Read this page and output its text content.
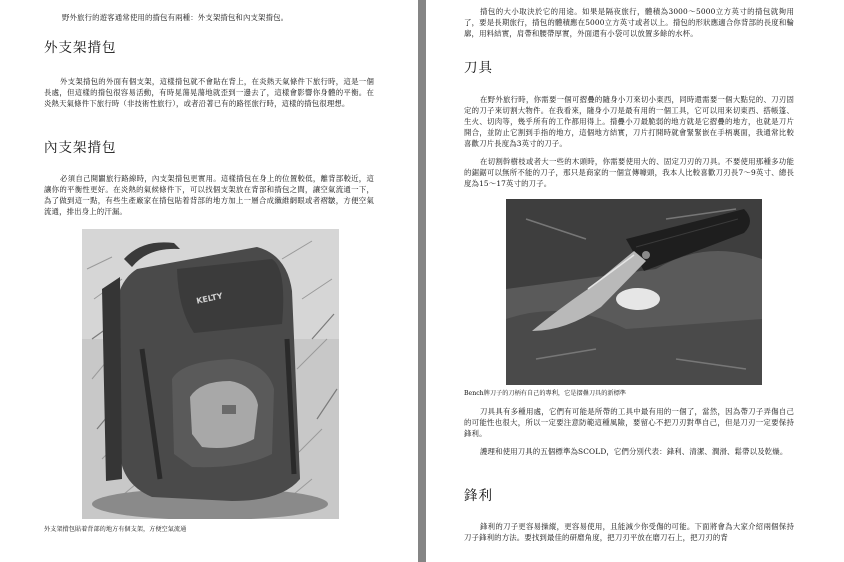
野外旅行的遊客通常使用的揹包有兩種：外支架揹包和內支架揹包。

外支架揹包

外支架揹包的外面有個支架，這樣揹包就不會貼在背上，在炎熱天氣條件下旅行時，這是一個長處，但這樣的揹包很容易活動，有時晃蕩晃蕩地就歪到一邊去了，這樣會影響你身體的平衡。在炎熱天氣條件下旅行時（非技術性旅行），或者沿著已有的路徑旅行時，這樣的揹包很理想。

內支架揹包

必須自己開闢旅行路線時，內支架揹包更實用。這樣揹包在身上的位置較低，離背部較近，這讓你的平衡性更好。在炎熱的氣候條件下，可以找個支架放在背部和揹包之間，讓空氣流通一下，為了做到這一點，有些生產廠家在揹包貼着背部的地方加上一層合成纖維網眼或者褶皺，方便空氣流通，排出身上的汗漏。

KELTY

外支架揹包貼着背部的地方有個支架，方便空氣流通

揹包的大小取決於它的用途。如果是隔夜旅行，體積為3000～5000立方英寸的揹包就夠用了，要是長期旅行，揹包的體積應在5000立方英寸或者以上。揹包的形狀應適合你背部的長度和輪廓，用料結實，肩帶和腰帶厚實，外面還有小袋可以放置多餘的水杯。

刀具

在野外旅行時，你需要一個可摺疊的隨身小刀來切小東西，同時還需要一個大點兒的、刀刃固定的刀子來切割大物件。在我看來，隨身小刀是最有用的一個工具，它可以用來切東西、搭帳篷、生火、切肉等，幾乎所有的工作都用得上。揹疊小刀最脆弱的地方就是它摺疊的地方，也就是刀片開合，並防止它割到手指的地方，這個地方結實，刀片打開時就會緊緊嵌在手柄裏面，我通常比較喜歡刀片長度為3英寸的刀子。

在切割幹樹枝或者大一些的木頭時，你需要使用大的、固定刀刃的刀具。不要使用那種多功能的鋸鋸可以無所不能的刀子，那只是商家的一個宣傳噱頭，我本人比較喜歡刀刃長7～9英寸、總長度為15～17英寸的刀子。

Bench牌刀子的刀柄有自己的專利，它是摺疊刀具的新標準

刀具具有多種用處，它們有可能是所帶的工具中最有用的一個了，當然，因為帶刀子弄傷自己的可能性也很大，所以一定要注意防範這種風險，要留心不把刀刃對準自己，但是刀刃一定要保持鋒利。

護理和使用刀具的五個標準為SCOLD，它們分別代表：鋒利、清潔、潤滑、鬆帶以及乾燥。

鋒利

鋒利的刀子更容易操縱，更容易使用，且能減少你受傷的可能。下面將會為大家介紹兩個保持刀子鋒利的方法。要找到最佳的研磨角度，把刀刃平放在磨刀石上，把刀刃的背
